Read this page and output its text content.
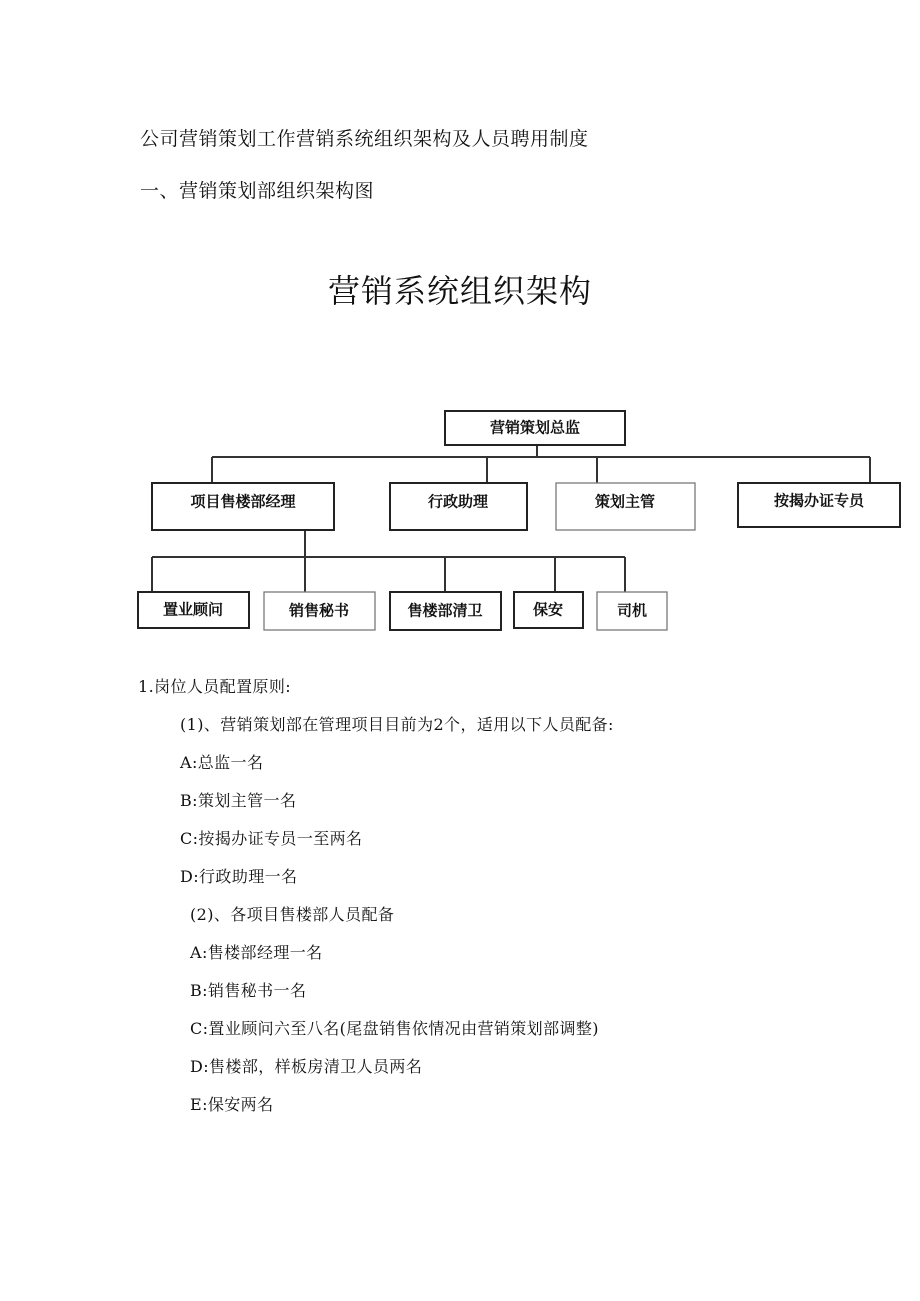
公司营销策划工作营销系统组织架构及人员聘用制度
一、营销策划部组织架构图
营销系统组织架构
营销策划总监
项目售楼部经理	行政助理	策划主管	按揭办证专员
置业顾问	销售秘书	售楼部清卫	保安	司机
1.岗位人员配置原则:
(1)、营销策划部在管理项目目前为2个，适用以下人员配备:
A:总监一名
B:策划主管一名
C:按揭办证专员一至两名
D:行政助理一名
(2)、各项目售楼部人员配备
A:售楼部经理一名
B:销售秘书一名
C:置业顾问六至八名(尾盘销售依情况由营销策划部调整)
D:售楼部，样板房清卫人员两名
E:保安两名
